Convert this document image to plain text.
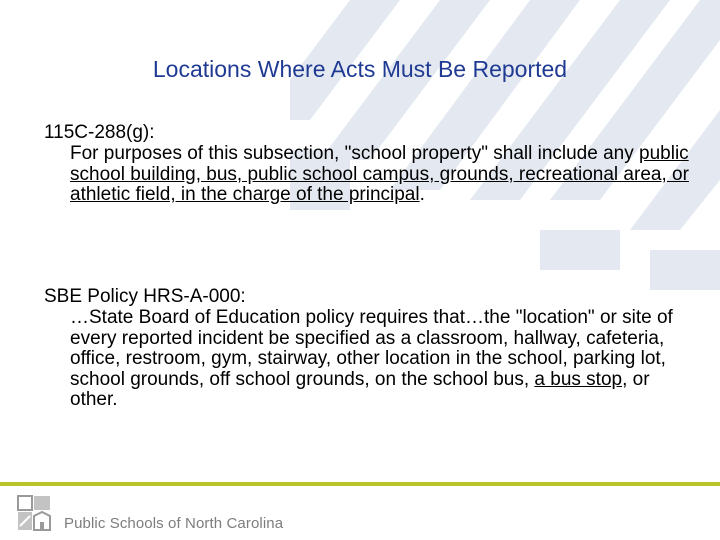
Locations Where Acts Must Be Reported
115C-288(g):
For purposes of this subsection, "school property" shall include any public school building, bus, public school campus, grounds, recreational area, or athletic field, in the charge of the principal.
SBE Policy HRS-A-000:
…State Board of Education policy requires that…the "location" or site of every reported incident be specified as a classroom, hallway, cafeteria, office, restroom, gym, stairway, other location in the school, parking lot, school grounds, off school grounds, on the school bus, a bus stop, or other.
Public Schools of North Carolina
